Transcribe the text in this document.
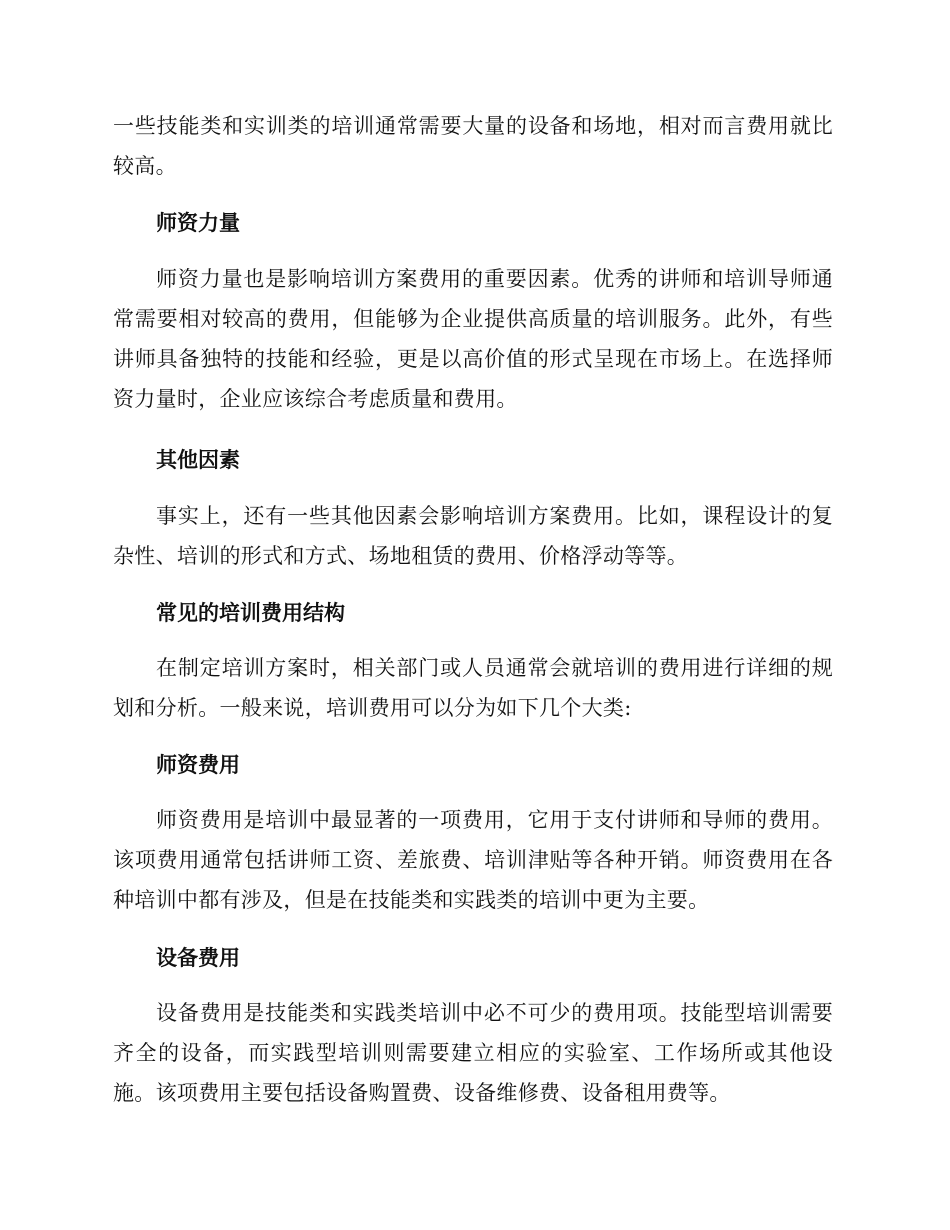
一些技能类和实训类的培训通常需要大量的设备和场地，相对而言费用就比较高。

师资力量

师资力量也是影响培训方案费用的重要因素。优秀的讲师和培训导师通常需要相对较高的费用，但能够为企业提供高质量的培训服务。此外，有些讲师具备独特的技能和经验，更是以高价值的形式呈现在市场上。在选择师资力量时，企业应该综合考虑质量和费用。

其他因素

事实上，还有一些其他因素会影响培训方案费用。比如，课程设计的复杂性、培训的形式和方式、场地租赁的费用、价格浮动等等。

常见的培训费用结构

在制定培训方案时，相关部门或人员通常会就培训的费用进行详细的规划和分析。一般来说，培训费用可以分为如下几个大类:

师资费用

师资费用是培训中最显著的一项费用，它用于支付讲师和导师的费用。该项费用通常包括讲师工资、差旅费、培训津贴等各种开销。师资费用在各种培训中都有涉及，但是在技能类和实践类的培训中更为主要。

设备费用

设备费用是技能类和实践类培训中必不可少的费用项。技能型培训需要齐全的设备，而实践型培训则需要建立相应的实验室、工作场所或其他设施。该项费用主要包括设备购置费、设备维修费、设备租用费等。
